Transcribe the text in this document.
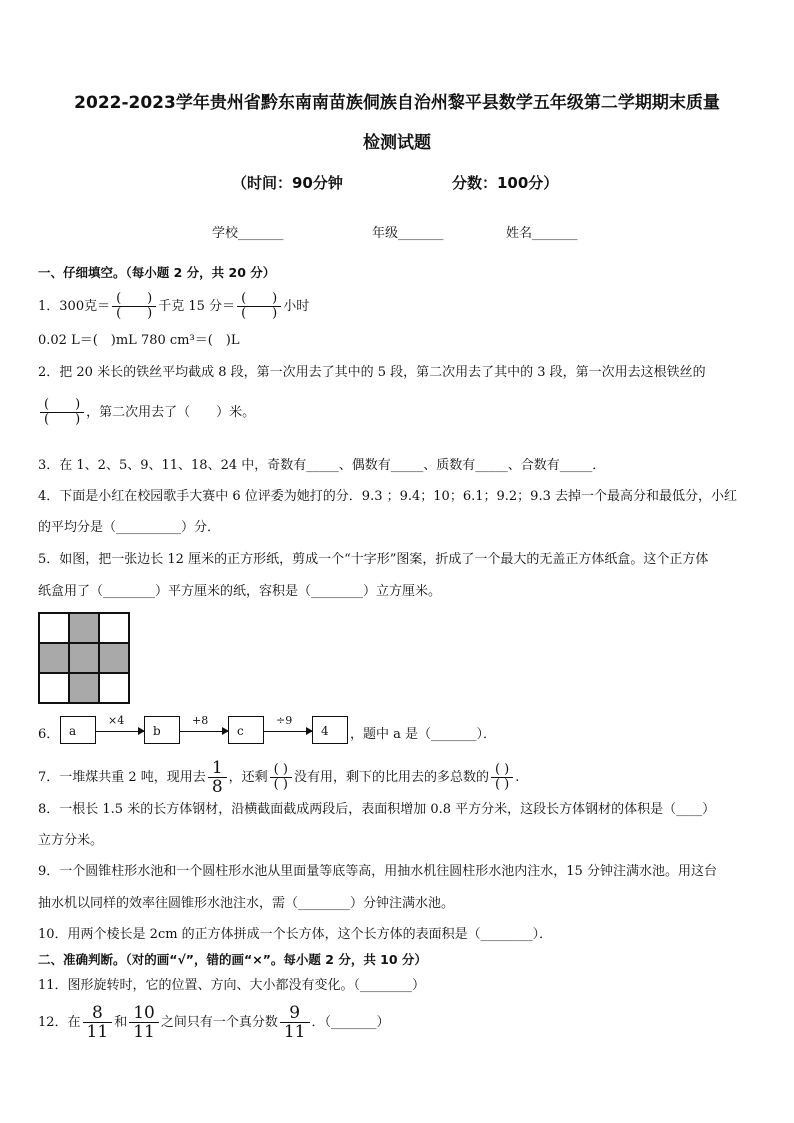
2022-2023学年贵州省黔东南南苗族侗族自治州黎平县数学五年级第二学期期末质量
检测试题
（时间：90分钟	分数：100分）
学校_______	年级_______	姓名_______
一、仔细填空。（每小题 2 分，共 20 分）
1．300克＝ $\frac{( )}{( )}$ 千克 15 分＝ $\frac{( )}{( )}$ 小时
0.02 L＝(　)mL 780 cm³＝(　)L
2．把 20 米长的铁丝平均截成 8 段，第一次用去了其中的 5 段，第二次用去了其中的 3 段，第一次用去这根铁丝的
$\frac{( )}{( )}$ ，第二次用去了（　　）米。
3．在 1、2、5、9、11、18、24 中，奇数有_____、偶数有_____、质数有_____、合数有_____．
4．下面是小红在校园歌手大赛中 6 位评委为她打的分．9.3 ；9.4；10；6.1；9.2；9.3 去掉一个最高分和最低分，小红
的平均分是（__________）分．
5．如图，把一张边长 12 厘米的正方形纸，剪成一个“十字形”图案，折成了一个最大的无盖正方体纸盒。这个正方体
纸盒用了（________）平方厘米的纸，容积是（________）立方厘米。
6． a
×4
b
+8
c
÷9
4	，题中 a 是（_______）．
7．一堆煤共重 2 吨，现用去 $\frac{1}{8}$ ，还剩 $\frac{( )}{( )}$ 没有用，剩下的比用去的多总数的 $\frac{( )}{( )}$ .
8．一根长 1.5 米的长方体钢材，沿横截面截成两段后，表面积增加 0.8 平方分米，这段长方体钢材的体积是（____）
立方分米。
9．一个圆锥柱形水池和一个圆柱形水池从里面量等底等高，用抽水机往圆柱形水池内注水，15 分钟注满水池。用这台
抽水机以同样的效率往圆锥形水池注水，需（________）分钟注满水池。
10．用两个棱长是 2cm 的正方体拼成一个长方体，这个长方体的表面积是（________）．
二、准确判断。（对的画“√”，错的画“×”。每小题 2 分，共 10 分）
11．图形旋转时，它的位置、方向、大小都没有变化。（________）
12．在 $\frac{8}{11}$ 和 $\frac{10}{11}$ 之间只有一个真分数 $\frac{9}{11}$ ．（_______）
